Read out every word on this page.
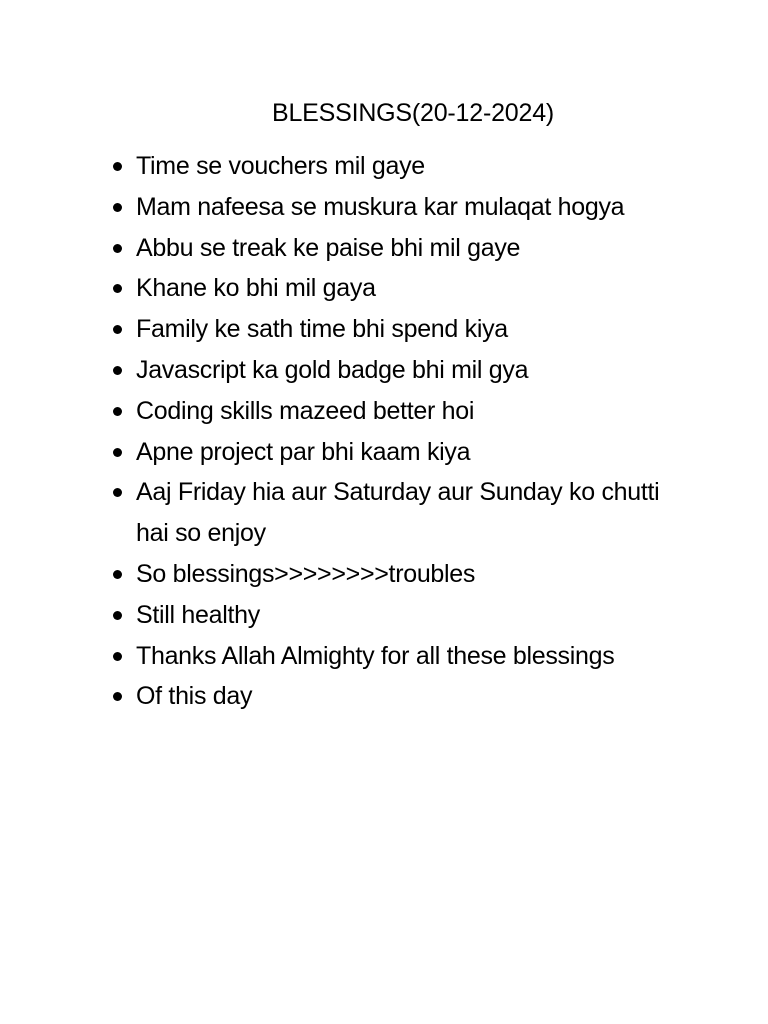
BLESSINGS(20-12-2024)
Time se vouchers mil gaye
Mam nafeesa se muskura kar mulaqat hogya
Abbu se treak ke paise bhi mil gaye
Khane ko bhi mil gaya
Family ke sath time bhi spend kiya
Javascript ka gold badge bhi mil gya
Coding skills mazeed better hoi
Apne project par bhi kaam kiya
Aaj Friday hia aur Saturday aur Sunday ko chutti hai so enjoy
So blessings>>>>>>>>troubles
Still healthy
Thanks Allah Almighty for all these blessings
Of this day
